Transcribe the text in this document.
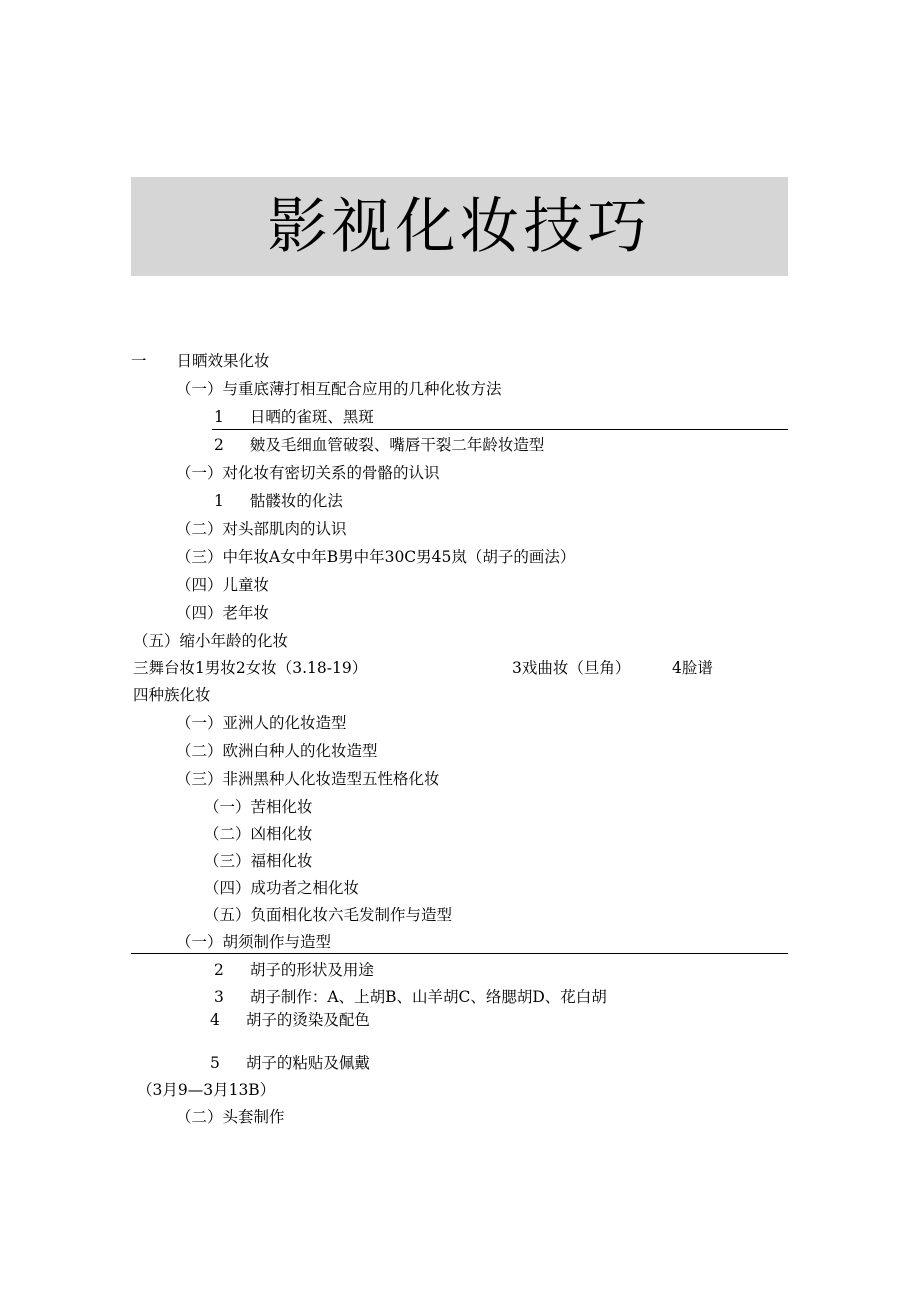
影视化妆技巧
一 日晒效果化妆
（一）与重底薄打相互配合应用的几种化妆方法
1 日晒的雀斑、黑斑
2 皴及毛细血管破裂、嘴唇干裂二年龄妆造型
（一）对化妆有密切关系的骨骼的认识
1 骷髅妆的化法
（二）对头部肌肉的认识
（三）中年妆A女中年B男中年30C男45岚（胡子的画法）
（四）儿童妆
（四）老年妆
（五）缩小年龄的化妆
三舞台妆1男妆2女妆（3.18-19）	3戏曲妆（旦角）	4脸谱
四种族化妆
（一）亚洲人的化妆造型
（二）欧洲白种人的化妆造型
（三）非洲黑种人化妆造型五性格化妆
（一）苦相化妆
（二）凶相化妆
（三）福相化妆
（四）成功者之相化妆
（五）负面相化妆六毛发制作与造型
（一）胡须制作与造型
2 胡子的形状及用途
3 胡子制作：A、上胡B、山羊胡C、络腮胡D、花白胡
4 胡子的烫染及配色
5 胡子的粘贴及佩戴
（3月9—3月13B）
（二）头套制作
